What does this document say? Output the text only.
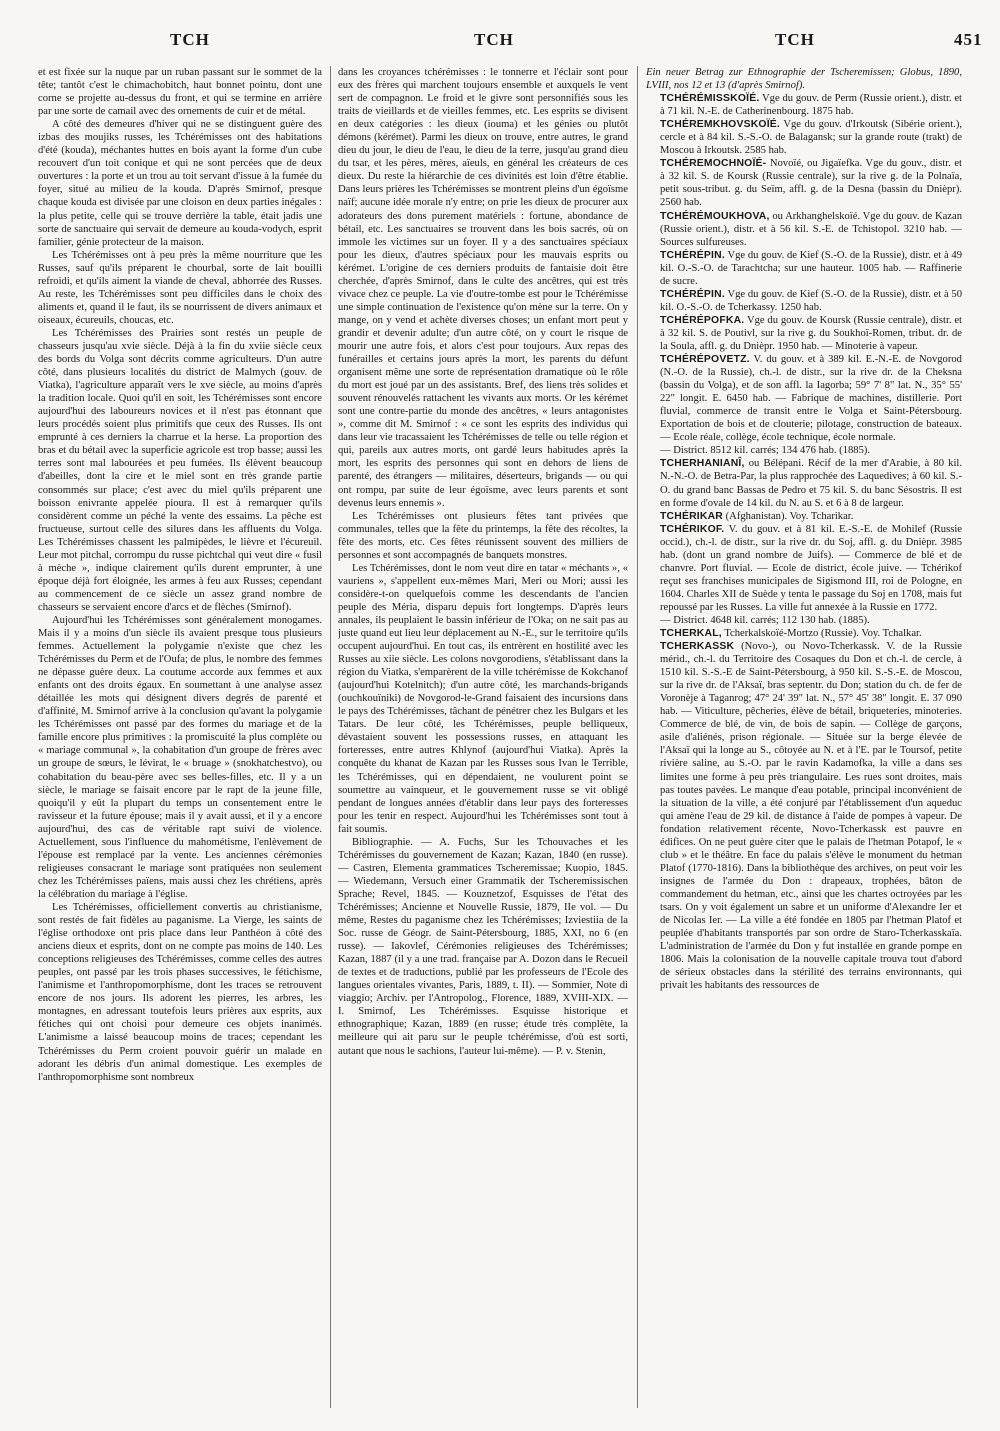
TCH	TCH	TCH	451

et est fixée sur la nuque par un ruban passant sur le sommet de la tête; tantôt c'est le chimachobitch, haut bonnet pointu, dont une corne se projette au-dessus du front, et qui se termine en arrière par une sorte de camail avec des ornements de cuir et de métal.

A côté des demeures d'hiver qui ne se distinguent guère des izbas des moujiks russes, les Tchérémisses ont des habitations d'été (kouda), méchantes huttes en bois ayant la forme d'un cube recouvert d'un toit conique et qui ne sont percées que de deux ouvertures : la porte et un trou au toit servant d'issue à la fumée du foyer, situé au milieu de la kouda. D'après Smirnof, presque chaque kouda est divisée par une cloison en deux parties inégales : la plus petite, celle qui se trouve derrière la table, était jadis une sorte de sanctuaire qui servait de demeure au kouda-vodych, esprit familier, génie protecteur de la maison.

Les Tchérémisses ont à peu près la même nourriture que les Russes, sauf qu'ils préparent le chourbal, sorte de lait bouilli refroidi, et qu'ils aiment la viande de cheval, abhorrée des Russes. Au reste, les Tchérémisses sont peu difficiles dans le choix des aliments et, quand il le faut, ils se nourrissent de divers animaux et oiseaux, écureuils, choucas, etc.

Les Tchérémisses des Prairies sont restés un peuple de chasseurs jusqu'au xvie siècle. Déjà à la fin du xviie siècle ceux des bords du Volga sont décrits comme agriculteurs. D'un autre côté, dans plusieurs localités du district de Malmych (gouv. de Viatka), l'agriculture apparaît vers le xve siècle, au moins d'après la tradition locale. Quoi qu'il en soit, les Tchérémisses sont encore aujourd'hui des laboureurs novices et il n'est pas étonnant que leurs procédés soient plus primitifs que ceux des Russes. Ils ont emprunté à ces derniers la charrue et la herse. La proportion des bras et du bétail avec la superficie agricole est trop basse; aussi les terres sont mal labourées et peu fumées. Ils élèvent beaucoup d'abeilles, dont la cire et le miel sont en très grande partie consommés sur place; c'est avec du miel qu'ils préparent une boisson enivrante appelée pioura. Il est à remarquer qu'ils considèrent comme un péché la vente des essaims. La pêche est fructueuse, surtout celle des silures dans les affluents du Volga. Les Tchérémisses chassent les palmipèdes, le lièvre et l'écureuil. Leur mot pitchal, corrompu du russe pichtchal qui veut dire « fusil à mèche », indique clairement qu'ils durent emprunter, à une époque déjà fort éloignée, les armes à feu aux Russes; cependant au commencement de ce siècle un assez grand nombre de chasseurs se servaient encore d'arcs et de flèches (Smirnof).

Aujourd'hui les Tchérémisses sont généralement monogames. Mais il y a moins d'un siècle ils avaient presque tous plusieurs femmes. Actuellement la polygamie n'existe que chez les Tchérémisses du Perm et de l'Oufa; de plus, le nombre des femmes ne dépasse guère deux. La coutume accorde aux femmes et aux enfants ont des droits égaux. En soumettant à une analyse assez détaillée les mots qui désignent divers degrés de parenté et d'affinité, M. Smirnof arrive à la conclusion qu'avant la polygamie les Tchérémisses ont passé par des formes du mariage et de la famille encore plus primitives : la promiscuité la plus complète ou « mariage communal », la cohabitation d'un groupe de frères avec un groupe de sœurs, le lévirat, le « bruage » (snokhatchestvo), ou cohabitation du beau-père avec ses belles-filles, etc. Il y a un siècle, le mariage se faisait encore par le rapt de la jeune fille, quoiqu'il y eût la plupart du temps un consentement entre le ravisseur et la future épouse; mais il y avait aussi, et il y a encore aujourd'hui, des cas de véritable rapt suivi de violence. Actuellement, sous l'influence du mahométisme, l'enlèvement de l'épouse est remplacé par la vente. Les anciennes cérémonies religieuses consacrant le mariage sont pratiquées non seulement chez les Tchérémisses païens, mais aussi chez les chrétiens, après la célébration du mariage à l'église.

Les Tchérémisses, officiellement convertis au christianisme, sont restés de fait fidèles au paganisme. La Vierge, les saints de l'église orthodoxe ont pris place dans leur Panthéon à côté des anciens dieux et esprits, dont on ne compte pas moins de 140. Les conceptions religieuses des Tchérémisses, comme celles des autres peuples, ont passé par les trois phases successives, le fétichisme, l'animisme et l'anthropomorphisme, dont les traces se retrouvent encore de nos jours. Ils adorent les pierres, les arbres, les montagnes, en adressant toutefois leurs prières aux esprits, aux fétiches qui ont choisi pour demeure ces objets inanimés. L'animisme a laissé beaucoup moins de traces; cependant les Tchérémisses du Perm croient pouvoir guérir un malade en adorant les débris d'un animal domestique. Les exemples de l'anthropomorphisme sont nombreux

dans les croyances tchérémisses : le tonnerre et l'éclair sont pour eux des frères qui marchent toujours ensemble et auxquels le vent sert de compagnon. Le froid et le givre sont personnifiés sous les traits de vieillards et de vieilles femmes, etc. Les esprits se divisent en deux catégories : les dieux (iouma) et les génies ou plutôt démons (kérémet). Parmi les dieux on trouve, entre autres, le grand dieu du jour, le dieu de l'eau, le dieu de la terre, jusqu'au grand dieu du tsar, et les pères, mères, aïeuls, en général les créateurs de ces dieux. Du reste la hiérarchie de ces divinités est loin d'être établie. Dans leurs prières les Tchérémisses se montrent pleins d'un égoïsme naïf; aucune idée morale n'y entre; on prie les dieux de procurer aux adorateurs des dons purement matériels : fortune, abondance de bétail, etc. Les sanctuaires se trouvent dans les bois sacrés, où on immole les victimes sur un foyer. Il y a des sanctuaires spéciaux pour les dieux, d'autres spéciaux pour les mauvais esprits ou kérémet. L'origine de ces derniers produits de fantaisie doit être cherchée, d'après Smirnof, dans le culte des ancêtres, qui est très vivace chez ce peuple. La vie d'outre-tombe est pour le Tchérémisse une simple continuation de l'existence qu'on mène sur la terre. On y mange, on y vend et achète diverses choses; un enfant mort peut y grandir et devenir adulte; d'un autre côté, on y court le risque de mourir une autre fois, et alors c'est pour toujours. Aux repas des funérailles et certains jours après la mort, les parents du défunt organisent même une sorte de représentation dramatique où le rôle du mort est joué par un des assistants. Bref, des liens très solides et souvent rénouvelés rattachent les vivants aux morts. Or les kérémet sont une contre-partie du monde des ancêtres, « leurs antagonistes », comme dit M. Smirnof : « ce sont les esprits des individus qui dans leur vie tracassaient les Tchérémisses de telle ou telle région et qui, pareils aux autres morts, ont gardé leurs habitudes après la mort, les esprits des personnes qui sont en dehors de liens de parenté, des étrangers — militaires, déserteurs, brigands — ou qui ont rompu, par suite de leur égoïsme, avec leurs parents et sont devenus leurs ennemis ».

Les Tchérémisses ont plusieurs fêtes tant privées que communales, telles que la fête du printemps, la fête des récoltes, la fête des morts, etc. Ces fêtes réunissent souvent des milliers de personnes et sont accompagnés de banquets monstres.

Les Tchérémisses, dont le nom veut dire en tatar « méchants », « vauriens », s'appellent eux-mêmes Mari, Meri ou Mori; aussi les considère-t-on quelquefois comme les descendants de l'ancien peuple des Méria, disparu depuis fort longtemps. D'après leurs annales, ils peuplaient le bassin inférieur de l'Oka; on ne sait pas au juste quand eut lieu leur déplacement au N.-E., sur le territoire qu'ils occupent aujourd'hui. En tout cas, ils entrèrent en hostilité avec les Russes au xiie siècle. Les colons novgorodiens, s'établissant dans la région du Viatka, s'emparèrent de la ville tchérémisse de Kokchanof (aujourd'hui Kotelnitch); d'un autre côté, les marchands-brigands (ouchkouïniki) de Novgorod-le-Grand faisaient des incursions dans le pays des Tchérémisses, tâchant de pénétrer chez les Bulgars et les Tatars. De leur côté, les Tchérémisses, peuple belliqueux, dévastaient souvent les possessions russes, en attaquant les forteresses, entre autres Khlynof (aujourd'hui Viatka). Après la conquête du khanat de Kazan par les Russes sous Ivan le Terrible, les Tchérémisses, qui en dépendaient, ne voulurent point se soumettre au vainqueur, et le gouvernement russe se vit obligé pendant de longues années d'établir dans leur pays des forteresses pour les tenir en respect. Aujourd'hui les Tchérémisses sont tout à fait soumis.

Bibliographie. — A. Fuchs, Sur les Tchouvaches et les Tchérémisses du gouvernement de Kazan; Kazan, 1840 (en russe). — Castren, Elementa grammatices Tscheremissae; Kuopio, 1845. — Wiedemann, Versuch einer Grammatik der Tscheremissischen Sprache; Revel, 1845. — Kouznetzof, Esquisses de l'état des Tchérémisses; Ancienne et Nouvelle Russie, 1879, IIe vol. — Du même, Restes du paganisme chez les Tchérémisses; Izviestiia de la Soc. russe de Géogr. de Saint-Pétersbourg, 1885, XXI, no 6 (en russe). — Iakovlef, Cérémonies religieuses des Tchérémisses; Kazan, 1887 (il y a une trad. française par A. Dozon dans le Recueil de textes et de traductions, publié par les professeurs de l'Ecole des langues orientales vivantes, Paris, 1889, t. II). — Sommier, Note di viaggio; Archiv. per l'Antropolog., Florence, 1889, XVIII-XIX. — I. Smirnof, Les Tchérémisses. Esquisse historique et ethnographique; Kazan, 1889 (en russe; étude très complète, la meilleure qui ait paru sur le peuple tchérémisse, d'où est sorti, autant que nous le sachions, l'auteur lui-même). — P. v. Stenin,

Ein neuer Betrag zur Ethnographie der Tscheremissen; Globus, 1890, LVIII, nos 12 et 13 (d'après Smirnof).

TCHÉRÉMISSKOÏÉ. Vge du gouv. de Perm (Russie orient.), distr. et à 71 kil. N.-E. de Catherinenbourg. 1875 hab.

TCHÉREMKHOVSKOÏÉ. Vge du gouv. d'Irkoutsk (Sibérie orient.), cercle et à 84 kil. S.-S.-O. de Balagansk; sur la grande route (trakt) de Moscou à Irkoutsk. 2585 hab.

TCHÉREMOCHNOÏÉ- Novoïé, ou Jigaïefka. Vge du gouv., distr. et à 32 kil. S. de Koursk (Russie centrale), sur la rive g. de la Polnaïa, petit sous-tribut. g. du Seïm, affl. g. de la Desna (bassin du Dnièpr). 2560 hab.

TCHÉRÉMOUKHOVA, ou Arkhanghelskoïé. Vge du gouv. de Kazan (Russie orient.), distr. et à 56 kil. S.-E. de Tchistopol. 3210 hab. — Sources sulfureuses.

TCHÉRÉPIN. Vge du gouv. de Kief (S.-O. de la Russie), distr. et à 49 kil. O.-S.-O. de Tarachtcha; sur une hauteur. 1005 hab. — Raffinerie de sucre.

TCHÉRÉPIN. Vge du gouv. de Kief (S.-O. de la Russie), distr. et à 50 kil. O.-S.-O. de Tcherkassy. 1250 hab.

TCHÉRÉPOFKA. Vge du gouv. de Koursk (Russie centrale), distr. et à 32 kil. S. de Poutivl, sur la rive g. du Soukhoï-Romen, tribut. dr. de la Soula, affl. g. du Dnièpr. 1950 hab. — Minoterie à vapeur.

TCHÉRÉPOVETZ. V. du gouv. et à 389 kil. E.-N.-E. de Novgorod (N.-O. de la Russie), ch.-l. de distr., sur la rive dr. de la Cheksna (bassin du Volga), et de son affl. la Iagorba; 59° 7' 8" lat. N., 35° 55' 22" longit. E. 6450 hab. — Fabrique de machines, distillerie. Port fluvial, commerce de transit entre le Volga et Saint-Pétersbourg. Exportation de bois et de clouterie; pilotage, construction de bateaux. — Ecole réale, collège, école technique, école normale.

— District. 8512 kil. carrés; 134 476 hab. (1885).

TCHERHANIANÎ, ou Bélépani. Récif de la mer d'Arabie, à 80 kil. N.-N.-O. de Betra-Par, la plus rapprochée des Laquedives; à 60 kil. S.-O. du grand banc Bassas de Pedro et 75 kil. S. du banc Sésostris. Il est en forme d'ovale de 14 kil. du N. au S. et 6 à 8 de largeur.

TCHÉRIKAR (Afghanistan). Voy. Tcharikar.

TCHÉRIKOF. V. du gouv. et à 81 kil. E.-S.-E. de Mohilef (Russie occid.), ch.-l. de distr., sur la rive dr. du Soj, affl. g. du Dnièpr. 3985 hab. (dont un grand nombre de Juifs). — Commerce de blé et de chanvre. Port fluvial. — Ecole de district, école juive. — Tchérikof reçut ses franchises municipales de Sigismond III, roi de Pologne, en 1604. Charles XII de Suède y tenta le passage du Soj en 1708, mais fut repoussé par les Russes. La ville fut annexée à la Russie en 1772.

— District. 4648 kil. carrés; 112 130 hab. (1885).

TCHERKAL, Tcherkalskoïé-Mortzo (Russie). Voy. Tchalkar.

TCHERKASSK (Novo-), ou Novo-Tcherkassk. V. de la Russie mérid., ch.-l. du Territoire des Cosaques du Don et ch.-l. de cercle, à 1510 kil. S.-S.-E de Saint-Pétersbourg, à 950 kil. S.-S.-E. de Moscou, sur la rive dr. de l'Aksaï, bras septentr. du Don; station du ch. de fer de Voronèje à Taganrog; 47° 24' 39" lat. N., 57° 45' 38" longit. E. 37 090 hab. — Viticulture, pêcheries, élève de bétail, briqueteries, minoteries. Commerce de blé, de vin, de bois de sapin. — Collège de garçons, asile d'aliénés, prison régionale. — Située sur la berge élevée de l'Aksaï qui la longe au S., côtoyée au N. et à l'E. par le Toursof, petite rivière saline, au S.-O. par le ravin Kadamofka, la ville a dans ses limites une forme à peu près triangulaire. Les rues sont droites, mais pas toutes pavées. Le manque d'eau potable, principal inconvénient de la situation de la ville, a été conjuré par l'établissement d'un aqueduc qui amène l'eau de 29 kil. de distance à l'aide de pompes à vapeur. De fondation relativement récente, Novo-Tcherkassk est pauvre en édifices. On ne peut guère citer que le palais de l'hetman Potapof, le « club » et le théâtre. En face du palais s'élève le monument du hetman Platof (1770-1816). Dans la bibliothèque des archives, on peut voir les insignes de l'armée du Don : drapeaux, trophées, bâton de commandement du hetman, etc., ainsi que les chartes octroyées par les tsars. On y voit également un sabre et un uniforme d'Alexandre Ier et de Nicolas Ier. — La ville a été fondée en 1805 par l'hetman Platof et peuplée d'habitants transportés par son ordre de Staro-Tcherkasskaïa. L'administration de l'armée du Don y fut installée en grande pompe en 1806. Mais la colonisation de la nouvelle capitale trouva tout d'abord de sérieux obstacles dans la stérilité des terrains environnants, qui privait les habitants des ressources de
